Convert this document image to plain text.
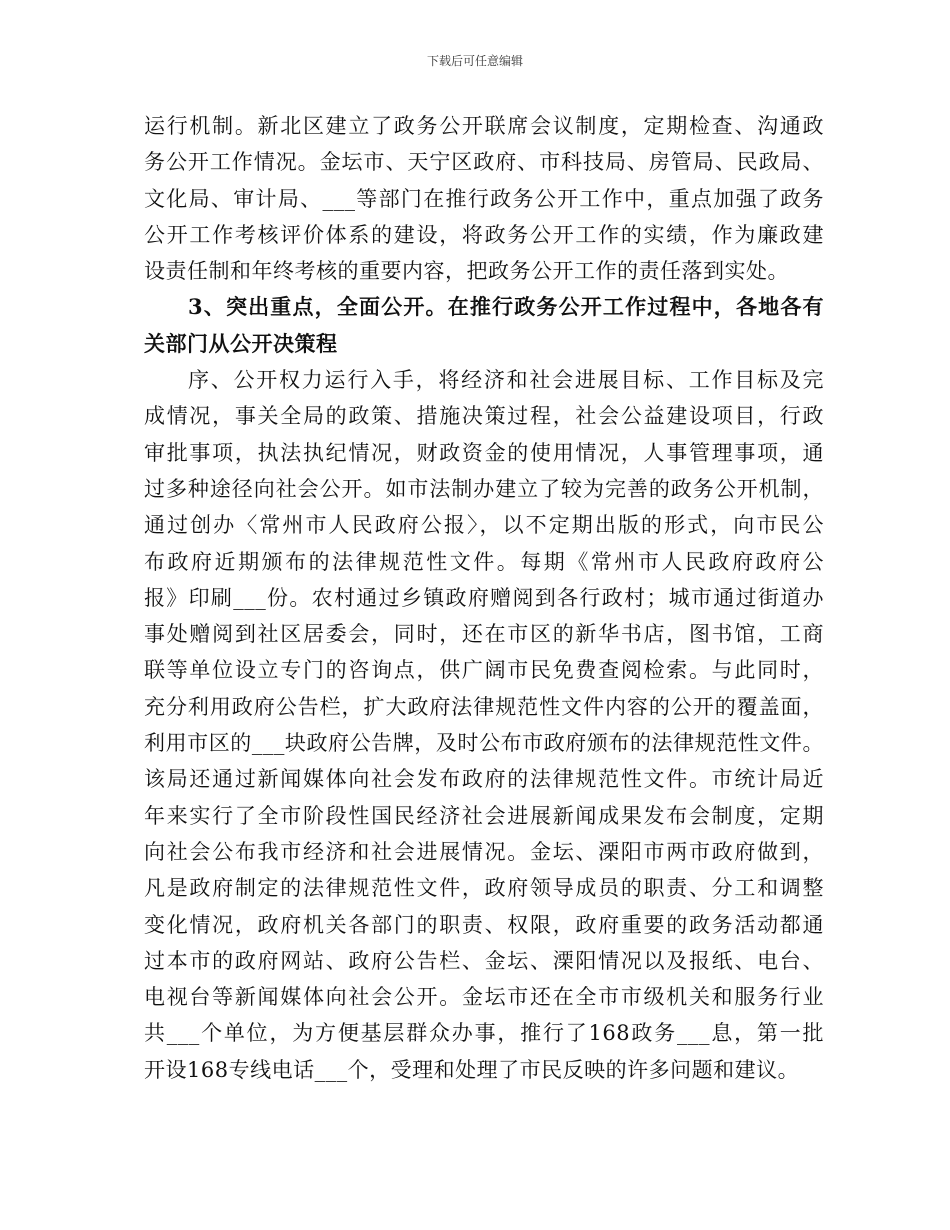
下载后可任意编辑
运行机制。新北区建立了政务公开联席会议制度，定期检查、沟通政
务公开工作情况。金坛市、天宁区政府、市科技局、房管局、民政局、
文化局、审计局、___等部门在推行政务公开工作中，重点加强了政务
公开工作考核评价体系的建设，将政务公开工作的实绩，作为廉政建
设责任制和年终考核的重要内容，把政务公开工作的责任落到实处。
3、突出重点，全面公开。在推行政务公开工作过程中，各地各有
关部门从公开决策程
序、公开权力运行入手，将经济和社会进展目标、工作目标及完
成情况，事关全局的政策、措施决策过程，社会公益建设项目，行政
审批事项，执法执纪情况，财政资金的使用情况，人事管理事项，通
过多种途径向社会公开。如市法制办建立了较为完善的政务公开机制，
通过创办〈常州市人民政府公报〉，以不定期出版的形式，向市民公
布政府近期颁布的法律规范性文件。每期《常州市人民政府政府公
报》印刷___份。农村通过乡镇政府赠阅到各行政村；城市通过街道办
事处赠阅到社区居委会，同时，还在市区的新华书店，图书馆，工商
联等单位设立专门的咨询点，供广阔市民免费查阅检索。与此同时，
充分利用政府公告栏，扩大政府法律规范性文件内容的公开的覆盖面，
利用市区的___块政府公告牌，及时公布市政府颁布的法律规范性文件。
该局还通过新闻媒体向社会发布政府的法律规范性文件。市统计局近
年来实行了全市阶段性国民经济社会进展新闻成果发布会制度，定期
向社会公布我市经济和社会进展情况。金坛、溧阳市两市政府做到，
凡是政府制定的法律规范性文件，政府领导成员的职责、分工和调整
变化情况，政府机关各部门的职责、权限，政府重要的政务活动都通
过本市的政府网站、政府公告栏、金坛、溧阳情况以及报纸、电台、
电视台等新闻媒体向社会公开。金坛市还在全市市级机关和服务行业
共___个单位，为方便基层群众办事，推行了168政务___息，第一批
开设168专线电话___个，受理和处理了市民反映的许多问题和建议。
